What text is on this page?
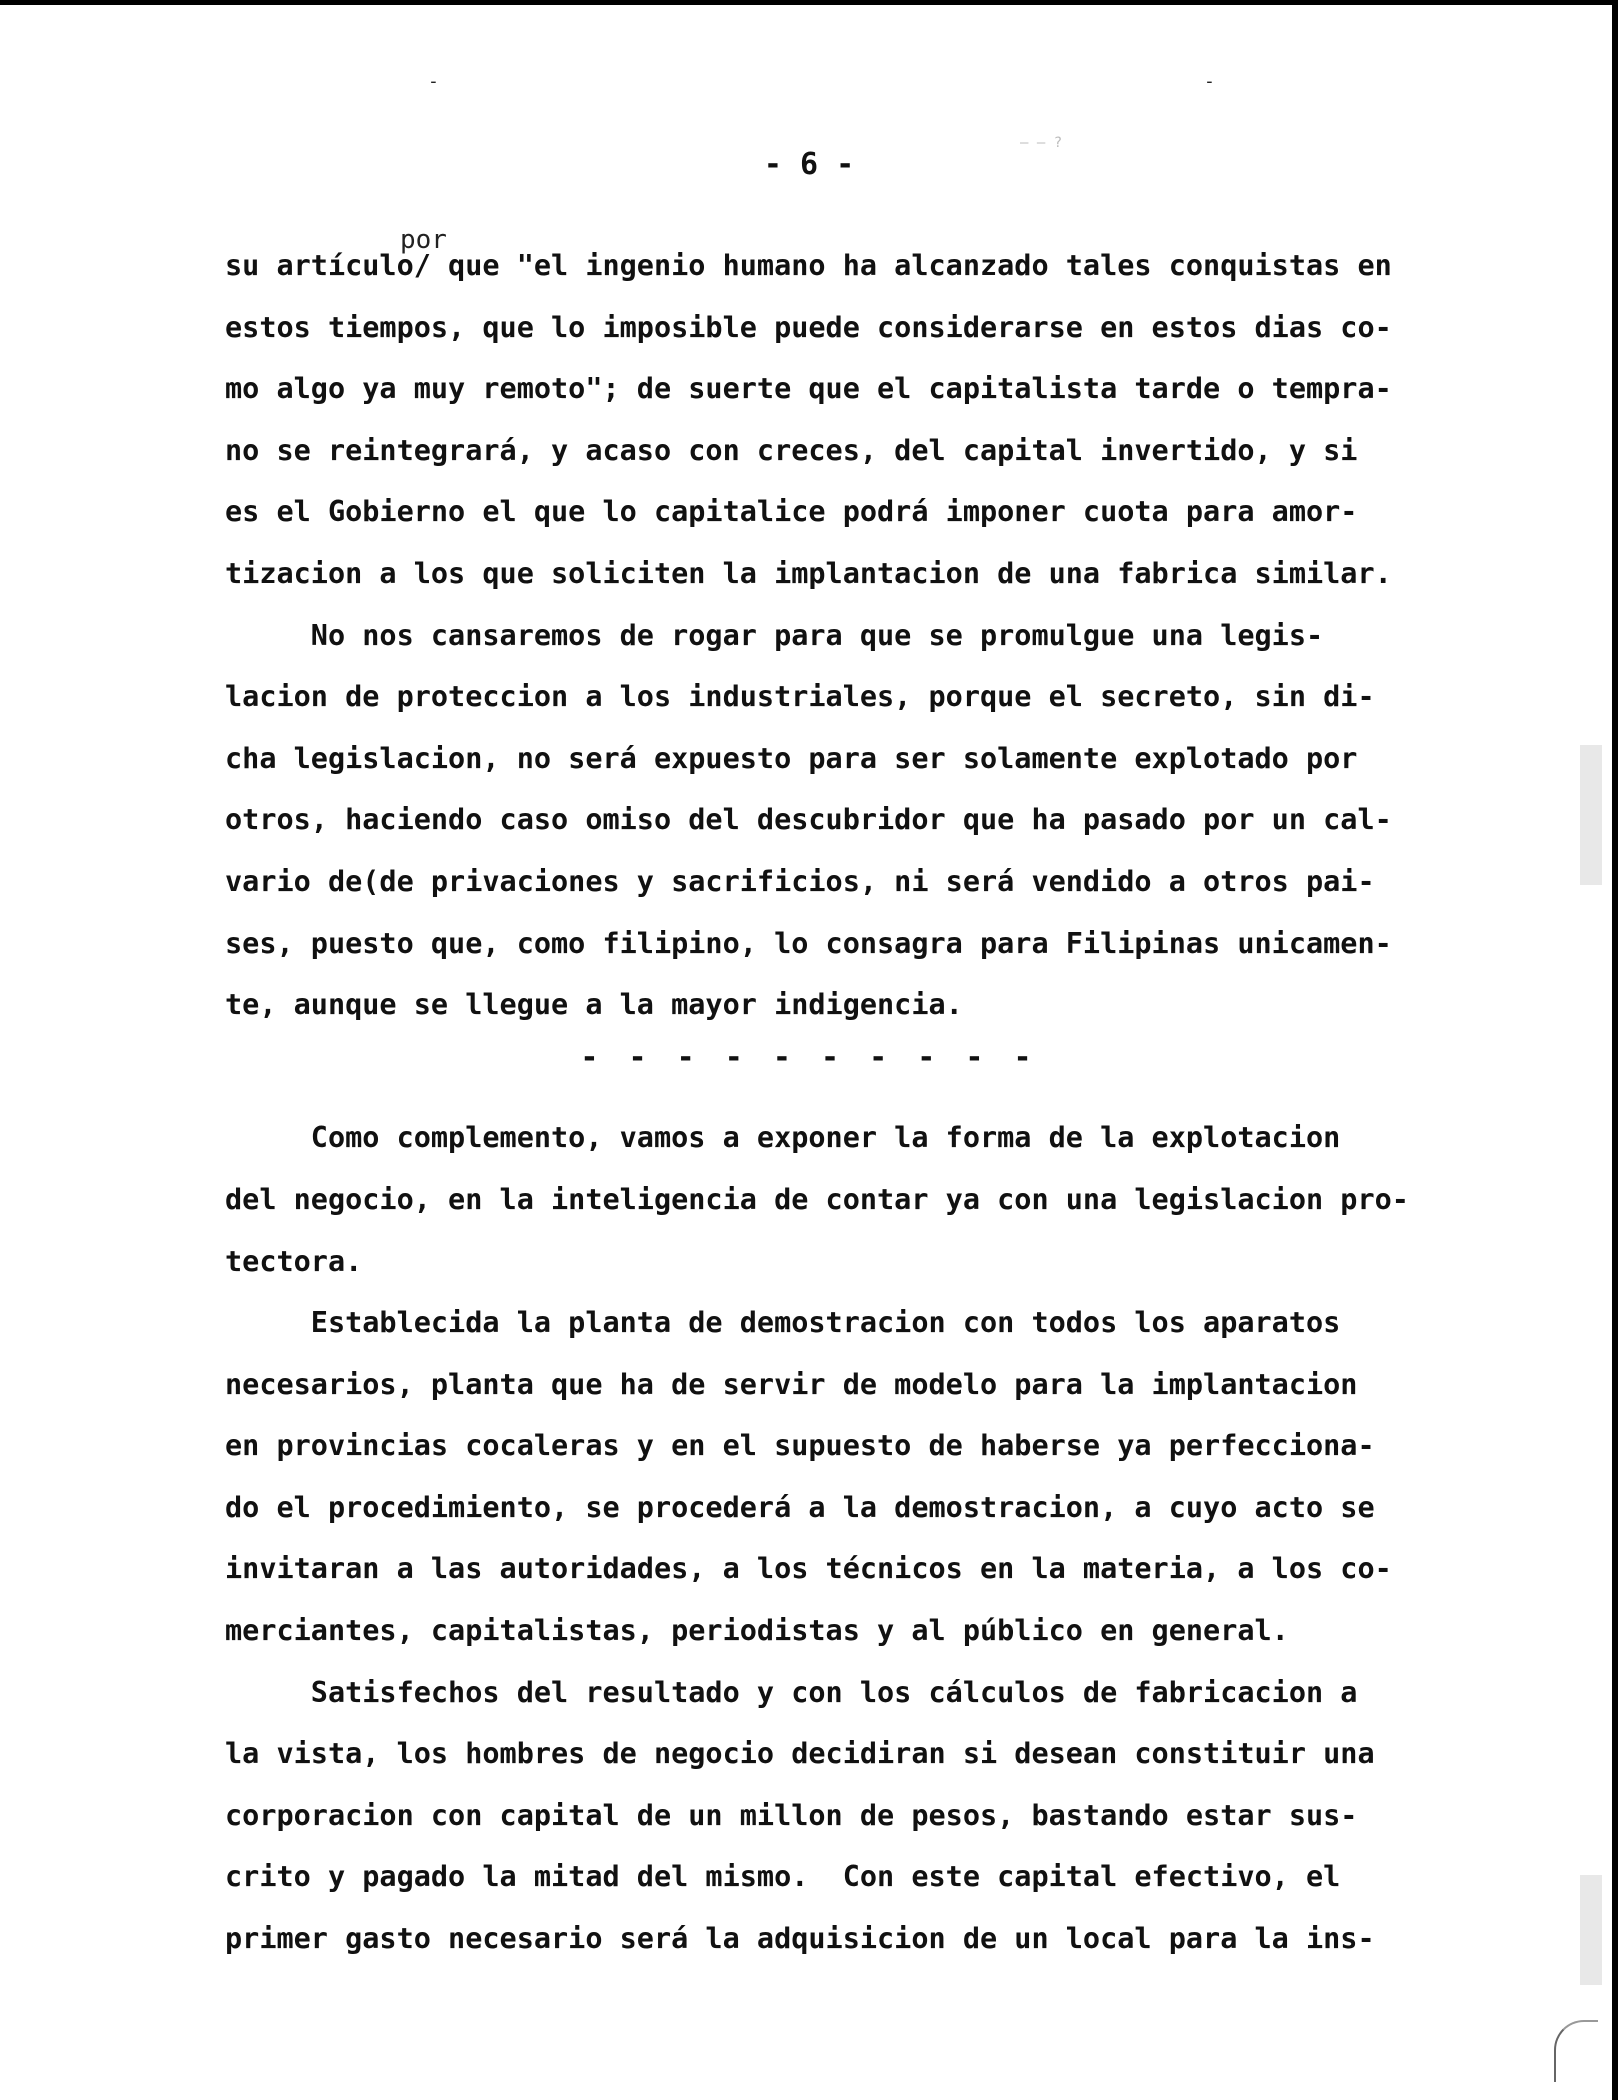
-	-
- 6 -
— — ?
por
su artículo/ que "el ingenio humano ha alcanzado tales conquistas en
estos tiempos, que lo imposible puede considerarse en estos dias co-
mo algo ya muy remoto"; de suerte que el capitalista tarde o tempra-
no se reintegrará, y acaso con creces, del capital invertido, y si
es el Gobierno el que lo capitalice podrá imponer cuota para amor-
tizacion a los que soliciten la implantacion de una fabrica similar.
No nos cansaremos de rogar para que se promulgue una legis-
lacion de proteccion a los industriales, porque el secreto, sin di-
cha legislacion, no será expuesto para ser solamente explotado por
otros, haciendo caso omiso del descubridor que ha pasado por un cal-
vario de(de privaciones y sacrificios, ni será vendido a otros pai-
ses, puesto que, como filipino, lo consagra para Filipinas unicamen-
te, aunque se llegue a la mayor indigencia.
Como complemento, vamos a exponer la forma de la explotacion
del negocio, en la inteligencia de contar ya con una legislacion pro-
tectora.
Establecida la planta de demostracion con todos los aparatos
necesarios, planta que ha de servir de modelo para la implantacion
en provincias cocaleras y en el supuesto de haberse ya perfecciona-
do el procedimiento, se procederá a la demostracion, a cuyo acto se
invitaran a las autoridades, a los técnicos en la materia, a los co-
merciantes, capitalistas, periodistas y al público en general.
Satisfechos del resultado y con los cálculos de fabricacion a
la vista, los hombres de negocio decidiran si desean constituir una
corporacion con capital de un millon de pesos, bastando estar sus-
crito y pagado la mitad del mismo.  Con este capital efectivo, el
primer gasto necesario será la adquisicion de un local para la ins-
- - - - - - - - - -
